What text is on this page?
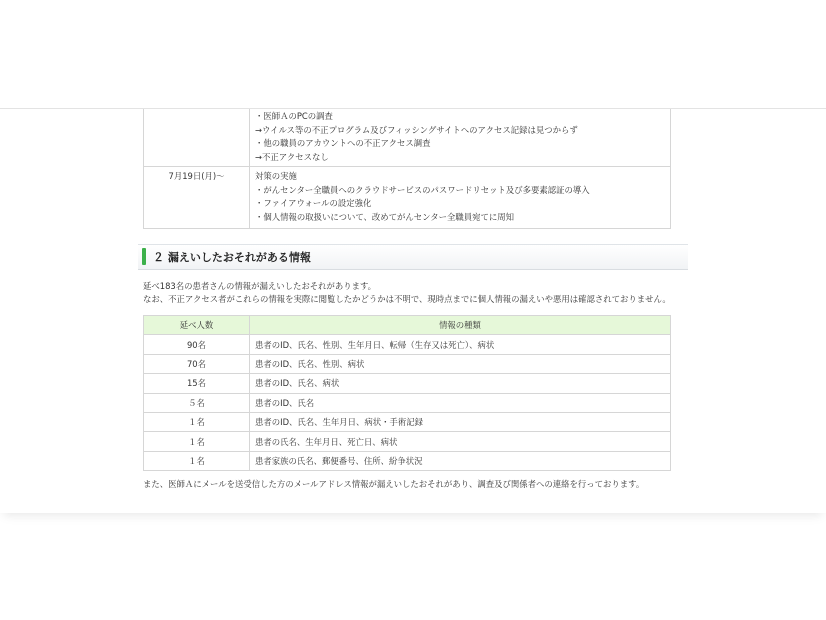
	・医師ＡのPCの調査
→ウイルス等の不正プログラム及びフィッシングサイトへのアクセス記録は見つからず
・他の職員のアカウントへの不正アクセス調査
→不正アクセスなし

7月19日(月)～	対策の実施
・がんセンター全職員へのクラウドサービスのパスワードリセット及び多要素認証の導入
・ファイアウォールの設定強化
・個人情報の取扱いについて、改めてがんセンター全職員宛てに周知
２ 漏えいしたおそれがある情報
延べ183名の患者さんの情報が漏えいしたおそれがあります。
なお、不正アクセス者がこれらの情報を実際に閲覧したかどうかは不明で、現時点までに個人情報の漏えいや悪用は確認されておりません。
延べ人数	情報の種類
90名	患者のID、氏名、性別、生年月日、転帰（生存又は死亡）、病状
70名	患者のID、氏名、性別、病状
15名	患者のID、氏名、病状
５名	患者のID、氏名
１名	患者のID、氏名、生年月日、病状・手術記録
１名	患者の氏名、生年月日、死亡日、病状
１名	患者家族の氏名、郵便番号、住所、紛争状況
また、医師Ａにメールを送受信した方のメールアドレス情報が漏えいしたおそれがあり、調査及び関係者への連絡を行っております。
